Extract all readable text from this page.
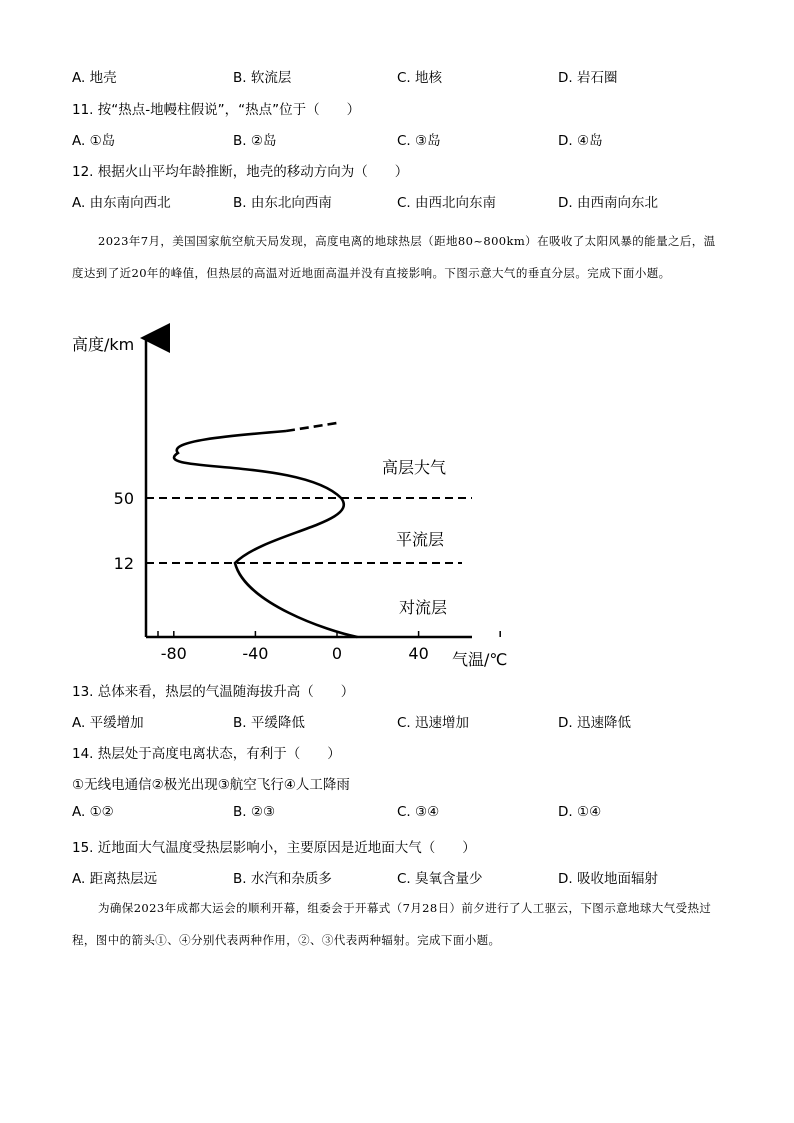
A. 地壳	B. 软流层	C. 地核	D. 岩石圈
11. 按“热点-地幔柱假说”，“热点”位于（　　）
A. ①岛	B. ②岛	C. ③岛	D. ④岛
12. 根据火山平均年龄推断，地壳的移动方向为（　　）
A. 由东南向西北	B. 由东北向西南	C. 由西北向东南	D. 由西南向东北
2023年7月，美国国家航空航天局发现，高度电离的地球热层（距地80~800km）在吸收了太阳风暴的能量之后，温度达到了近20年的峰值，但热层的高温对近地面高温并没有直接影响。下图示意大气的垂直分层。完成下面小题。
-80	-40	0	40
12
50
高度/km
气温/℃
高层大气
平流层
对流层
13. 总体来看，热层的气温随海拔升高（　　）
A. 平缓增加	B. 平缓降低	C. 迅速增加	D. 迅速降低
14. 热层处于高度电离状态，有利于（　　）
①无线电通信②极光出现③航空飞行④人工降雨
A. ①②	B. ②③	C. ③④	D. ①④
15. 近地面大气温度受热层影响小，主要原因是近地面大气（　　）
A. 距离热层远	B. 水汽和杂质多	C. 臭氧含量少	D. 吸收地面辐射
为确保2023年成都大运会的顺利开幕，组委会于开幕式（7月28日）前夕进行了人工驱云，下图示意地球大气受热过程，图中的箭头①、④分别代表两种作用，②、③代表两种辐射。完成下面小题。
